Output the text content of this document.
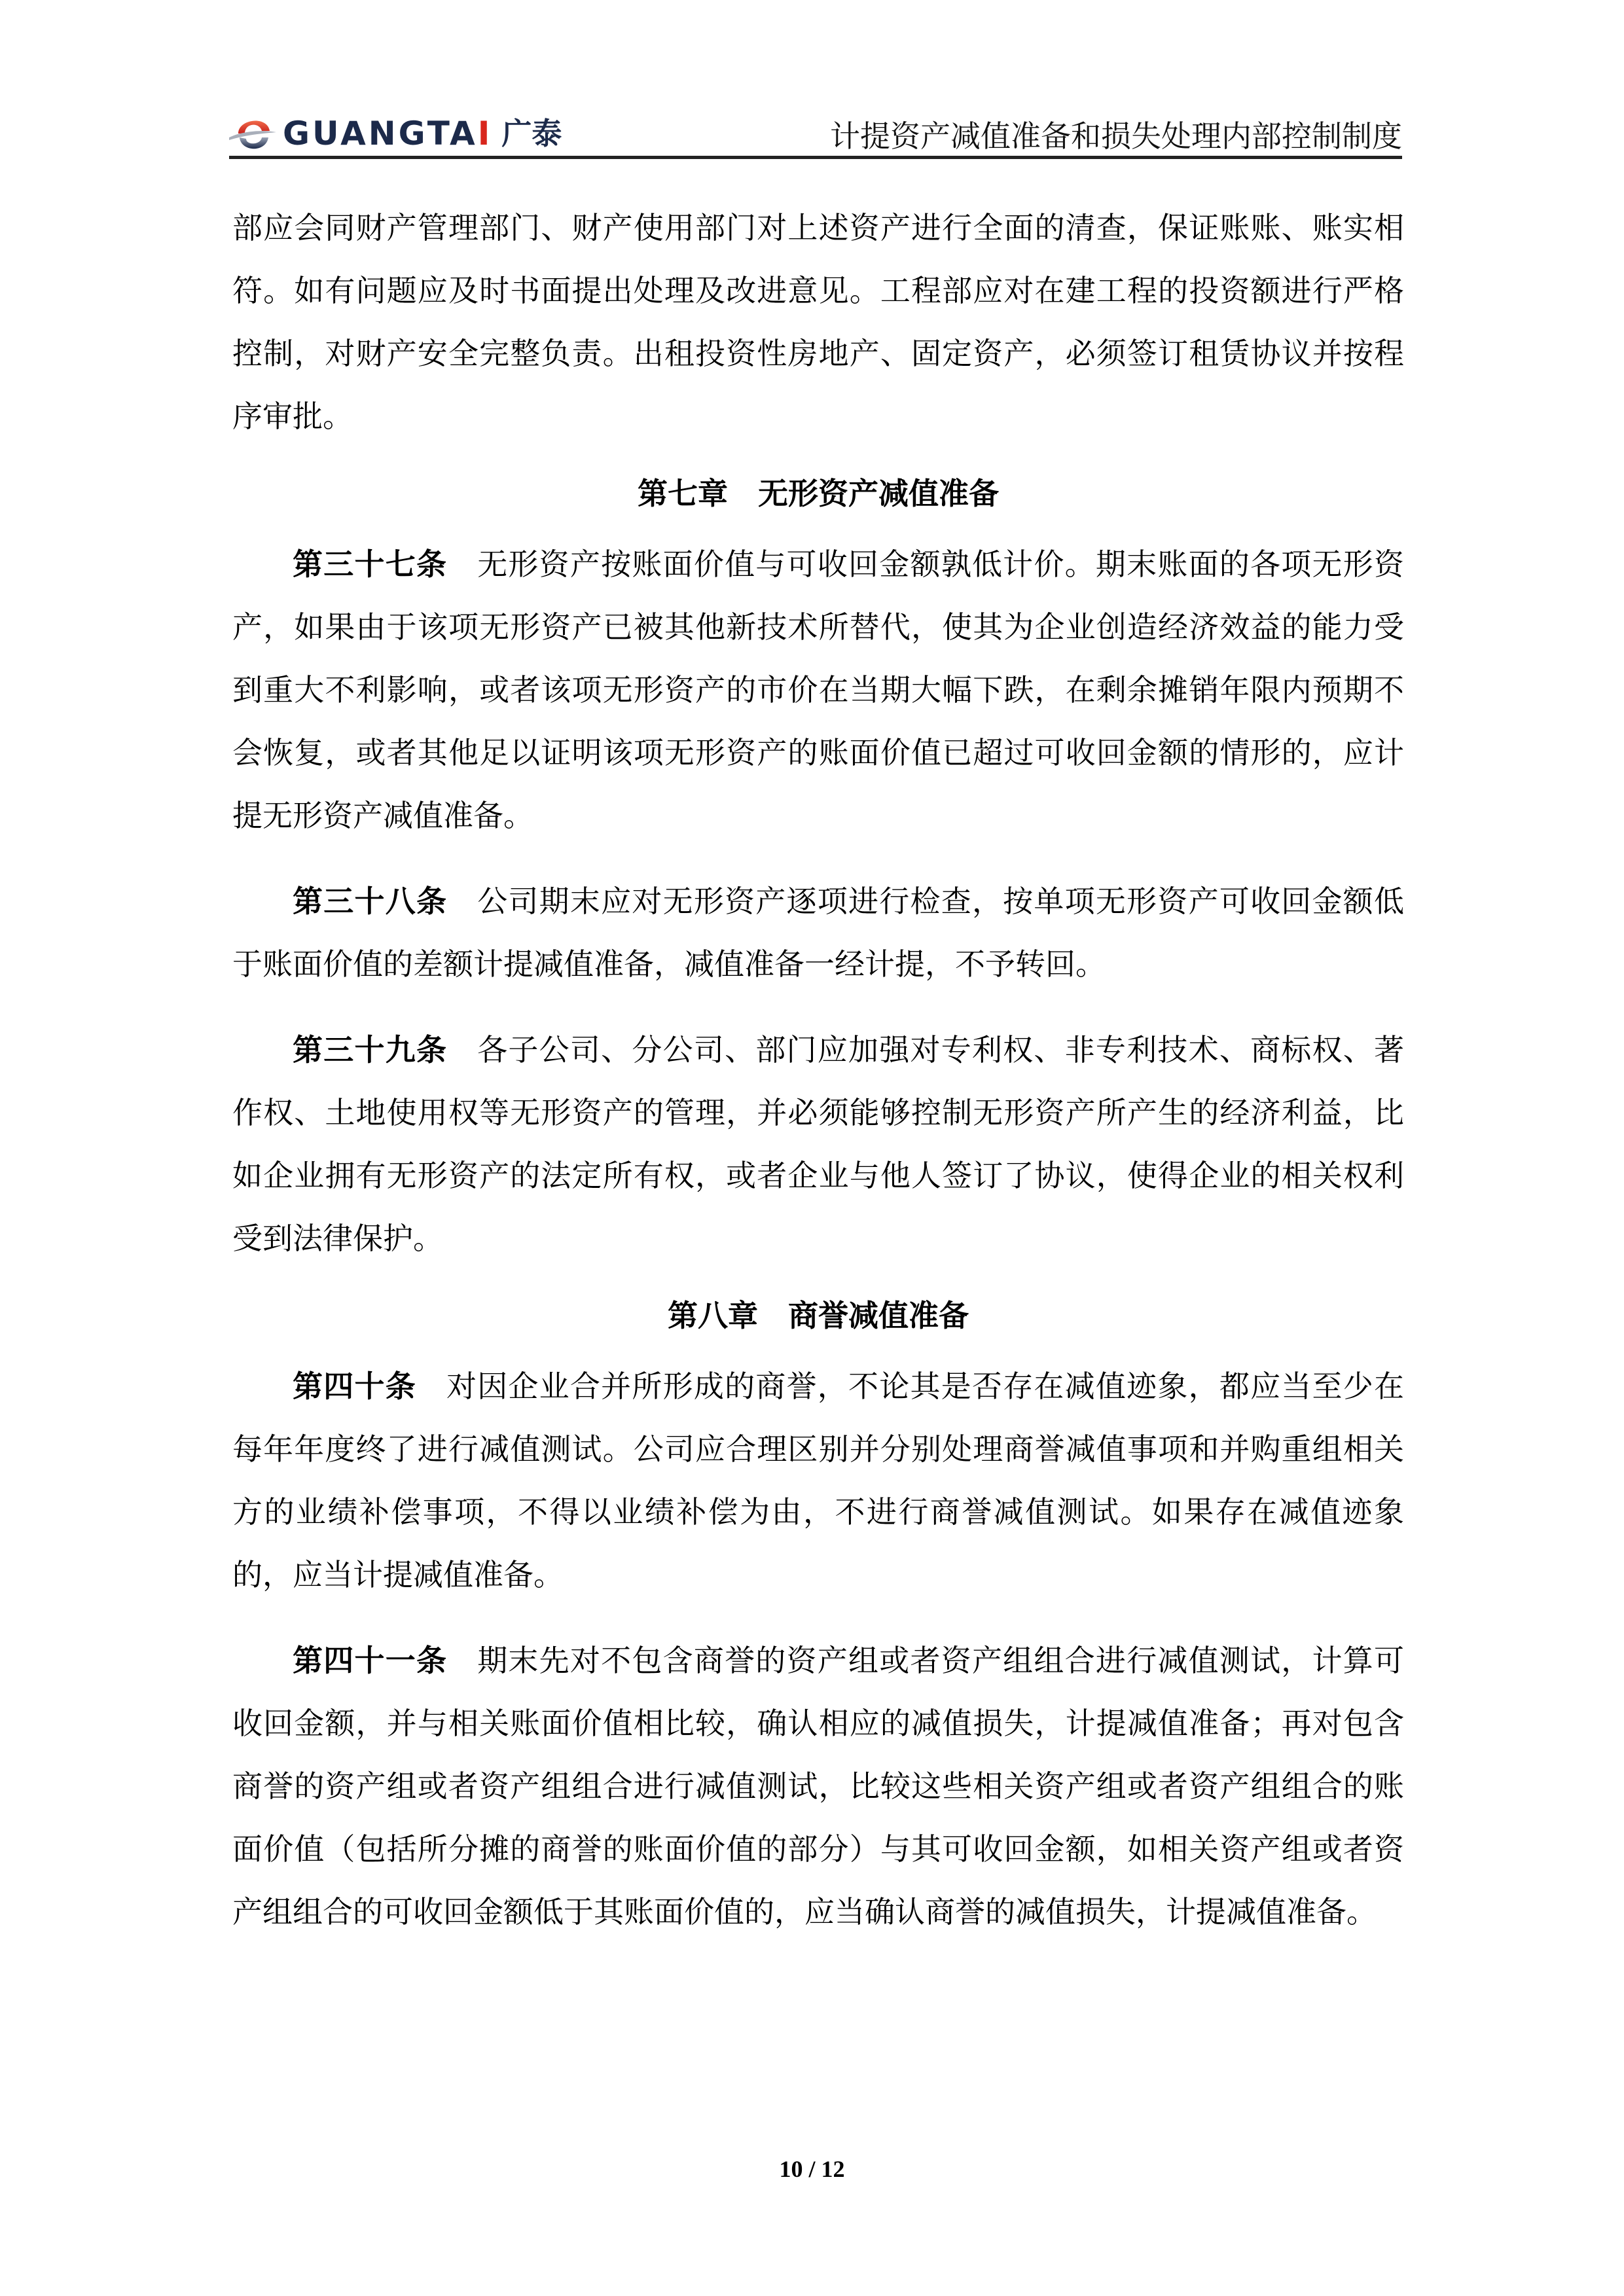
GUANGTAI 广泰	计提资产减值准备和损失处理内部控制制度

部应会同财产管理部门、财产使用部门对上述资产进行全面的清查，保证账账、账实相符。如有问题应及时书面提出处理及改进意见。工程部应对在建工程的投资额进行严格控制，对财产安全完整负责。出租投资性房地产、固定资产，必须签订租赁协议并按程序审批。

第七章 无形资产减值准备

第三十七条 无形资产按账面价值与可收回金额孰低计价。期末账面的各项无形资产，如果由于该项无形资产已被其他新技术所替代，使其为企业创造经济效益的能力受到重大不利影响，或者该项无形资产的市价在当期大幅下跌，在剩余摊销年限内预期不会恢复，或者其他足以证明该项无形资产的账面价值已超过可收回金额的情形的，应计提无形资产减值准备。

第三十八条 公司期末应对无形资产逐项进行检查，按单项无形资产可收回金额低于账面价值的差额计提减值准备，减值准备一经计提，不予转回。

第三十九条 各子公司、分公司、部门应加强对专利权、非专利技术、商标权、著作权、土地使用权等无形资产的管理，并必须能够控制无形资产所产生的经济利益，比如企业拥有无形资产的法定所有权，或者企业与他人签订了协议，使得企业的相关权利受到法律保护。

第八章 商誉减值准备

第四十条 对因企业合并所形成的商誉，不论其是否存在减值迹象，都应当至少在每年年度终了进行减值测试。公司应合理区别并分别处理商誉减值事项和并购重组相关方的业绩补偿事项，不得以业绩补偿为由，不进行商誉减值测试。如果存在减值迹象的，应当计提减值准备。

第四十一条 期末先对不包含商誉的资产组或者资产组组合进行减值测试，计算可收回金额，并与相关账面价值相比较，确认相应的减值损失，计提减值准备；再对包含商誉的资产组或者资产组组合进行减值测试，比较这些相关资产组或者资产组组合的账面价值（包括所分摊的商誉的账面价值的部分）与其可收回金额，如相关资产组或者资产组组合的可收回金额低于其账面价值的，应当确认商誉的减值损失，计提减值准备。

10 / 12
